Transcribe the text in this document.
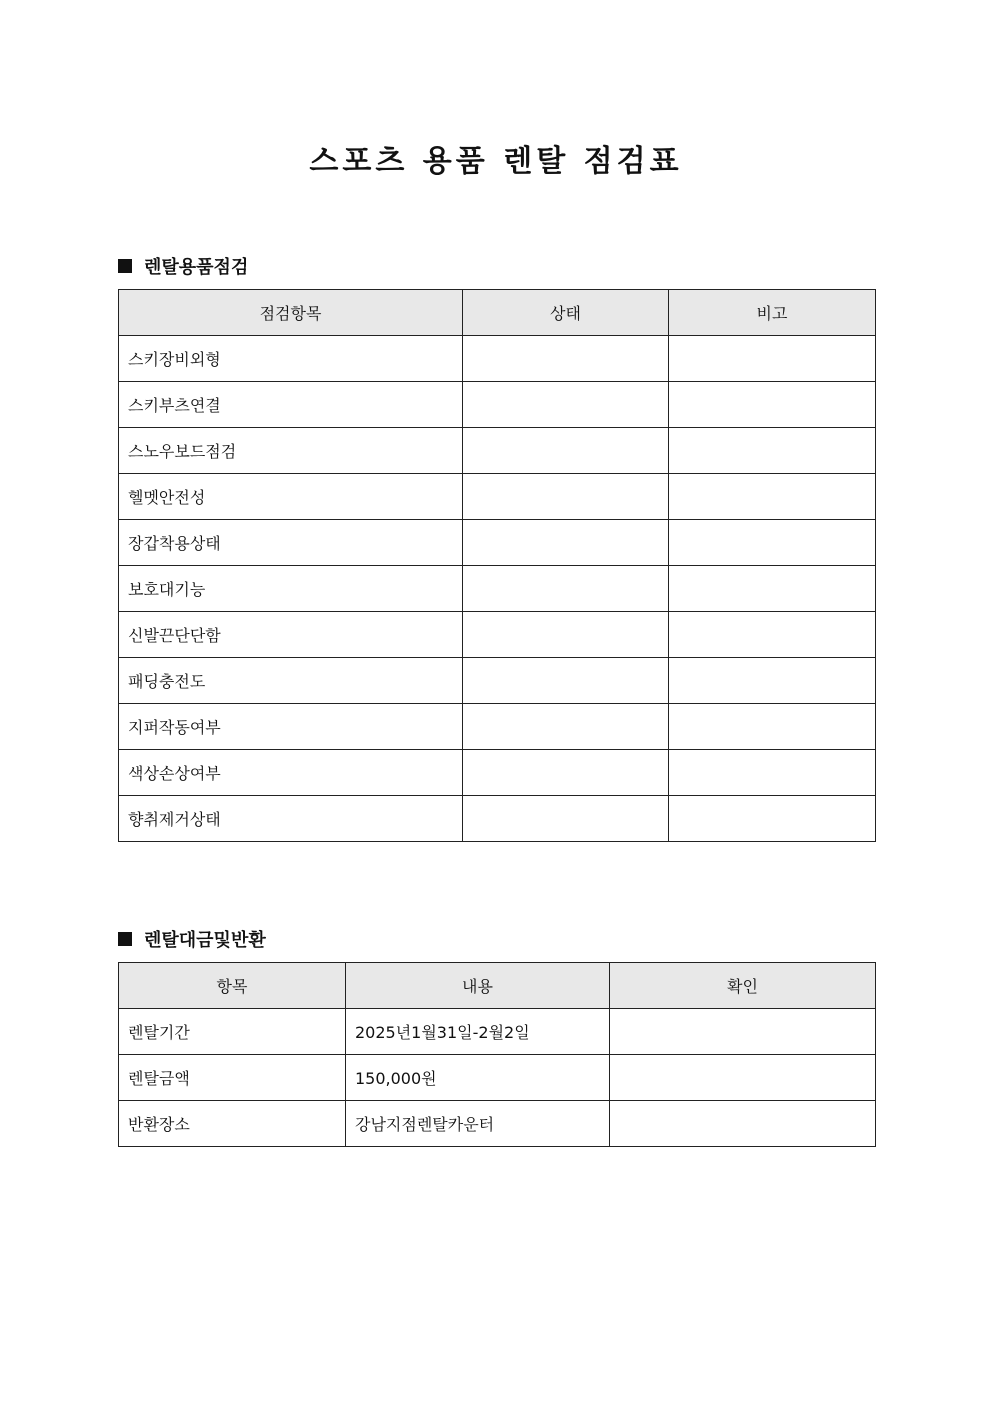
스포츠 용품 렌탈 점검표
렌탈용품점검
점검항목	상태	비고
스키장비외형		
스키부츠연결		
스노우보드점검		
헬멧안전성		
장갑착용상태		
보호대기능		
신발끈단단함		
패딩충전도		
지퍼작동여부		
색상손상여부		
향취제거상태		
렌탈대금및반환
항목	내용	확인
렌탈기간	2025년1월31일-2월2일	
렌탈금액	150,000원	
반환장소	강남지점렌탈카운터	
